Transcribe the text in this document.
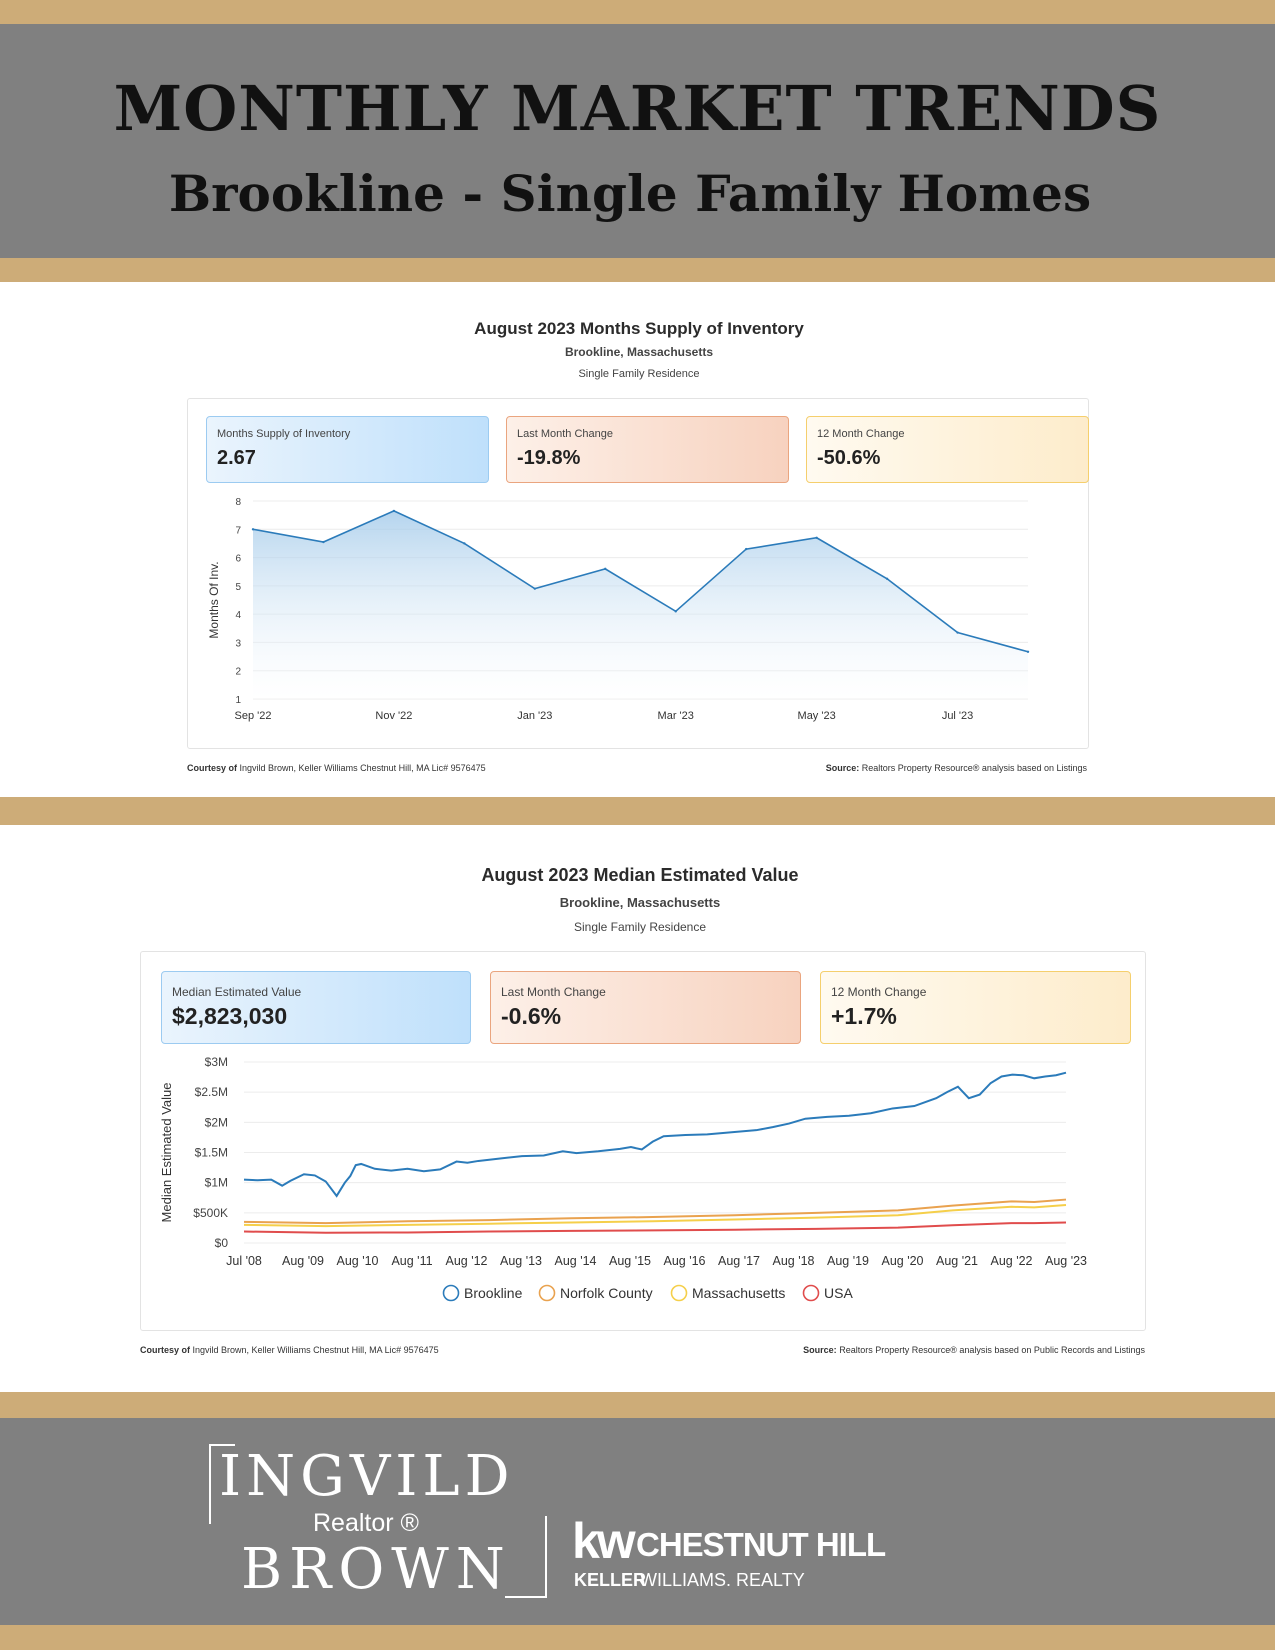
MONTHLY MARKET TRENDS
Brookline - Single Family Homes
August 2023 Months Supply of Inventory
Brookline, Massachusetts
Single Family Residence
Months Supply of Inventory
2.67
Last Month Change
-19.8%
12 Month Change
-50.6%
1
2
3
4
5
6
7
8
Sep '22	Nov '22	Jan '23	Mar '23	May '23	Jul '23
Months Of Inv.
Courtesy of Ingvild Brown, Keller Williams Chestnut Hill, MA Lic# 9576475	Source: Realtors Property Resource® analysis based on Listings
August 2023 Median Estimated Value
Brookline, Massachusetts
Single Family Residence
Median Estimated Value
$2,823,030
Last Month Change
-0.6%
12 Month Change
+1.7%
$0
$500K
$1M
$1.5M
$2M
$2.5M
$3M
Jul '08 Aug '09 Aug '10 Aug '11 Aug '12 Aug '13 Aug '14 Aug '15 Aug '16 Aug '17 Aug '18 Aug '19 Aug '20 Aug '21 Aug '22 Aug '23
Median Estimated Value
Brookline	Norfolk County	Massachusetts	USA
Courtesy of Ingvild Brown, Keller Williams Chestnut Hill, MA Lic# 9576475	Source: Realtors Property Resource® analysis based on Public Records and Listings
INGVILD
Realtor ®
BROWN kw CHESTNUT HILL
KELLER
WILLIAMS. REALTY
